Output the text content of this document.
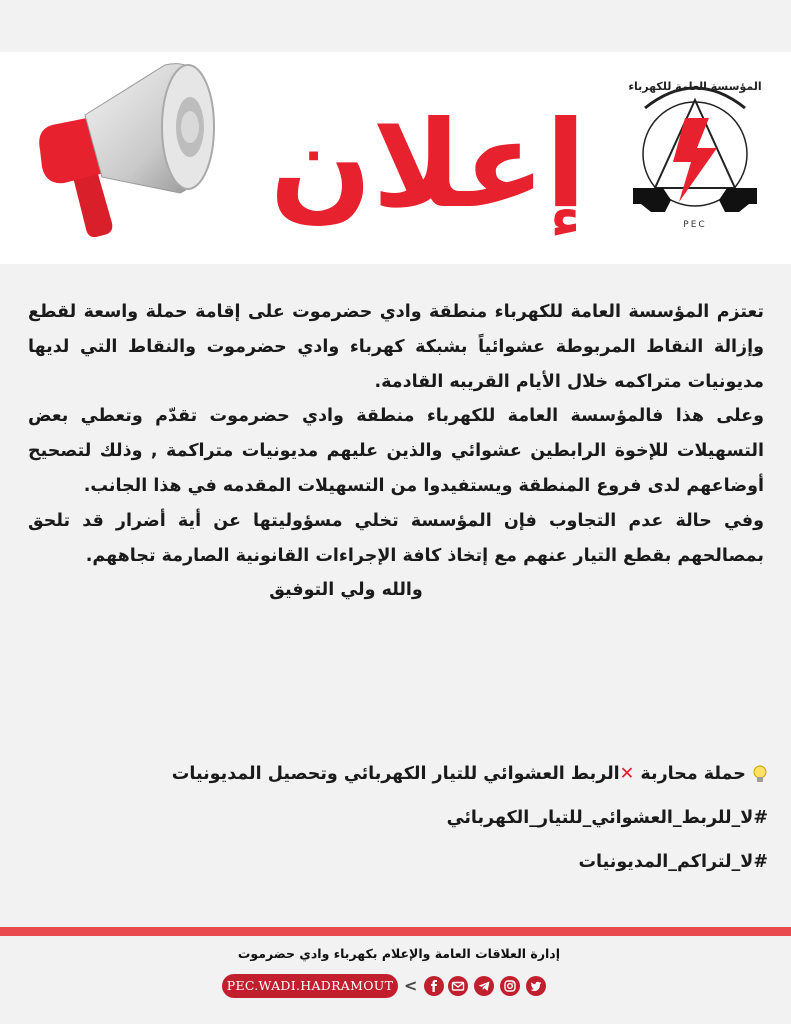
إعلان
المؤسسة العامة للكهرباء
PEC

تعتزم المؤسسة العامة للكهرباء منطقة وادي حضرموت على إقامة حملة واسعة لقطع وإزالة النقاط المربوطة عشوائياً بشبكة كهرباء وادي حضرموت والنقاط التي لديها مديونيات متراكمه خلال الأيام القريبه القادمة.

وعلى هذا فالمؤسسة العامة للكهرباء منطقة وادي حضرموت تقدّم وتعطي بعض التسهيلات للإخوة الرابطين عشوائي والذين عليهم مديونيات متراكمة , وذلك لتصحيح أوضاعهم لدى فروع المنطقة ويستفيدوا من التسهيلات المقدمه في هذا الجانب.

وفي حالة عدم التجاوب فإن المؤسسة تخلي مسؤوليتها عن أية أضرار قد تلحق بمصالحهم بقطع التيار عنهم مع إتخاذ كافة الإجراءات القانونية الصارمة تجاههم.

والله ولي التوفيق

حملة محاربة ✕الربط العشوائي للتيار الكهربائي وتحصيل المديونيات
#لا_للربط_العشوائي_للتيار_الكهربائي
#لا_لتراكم_المديونيات
إدارة العلاقات العامة والإعلام بكهرباء وادي حضرموت
PEC.WADI.HADRAMOUT <
